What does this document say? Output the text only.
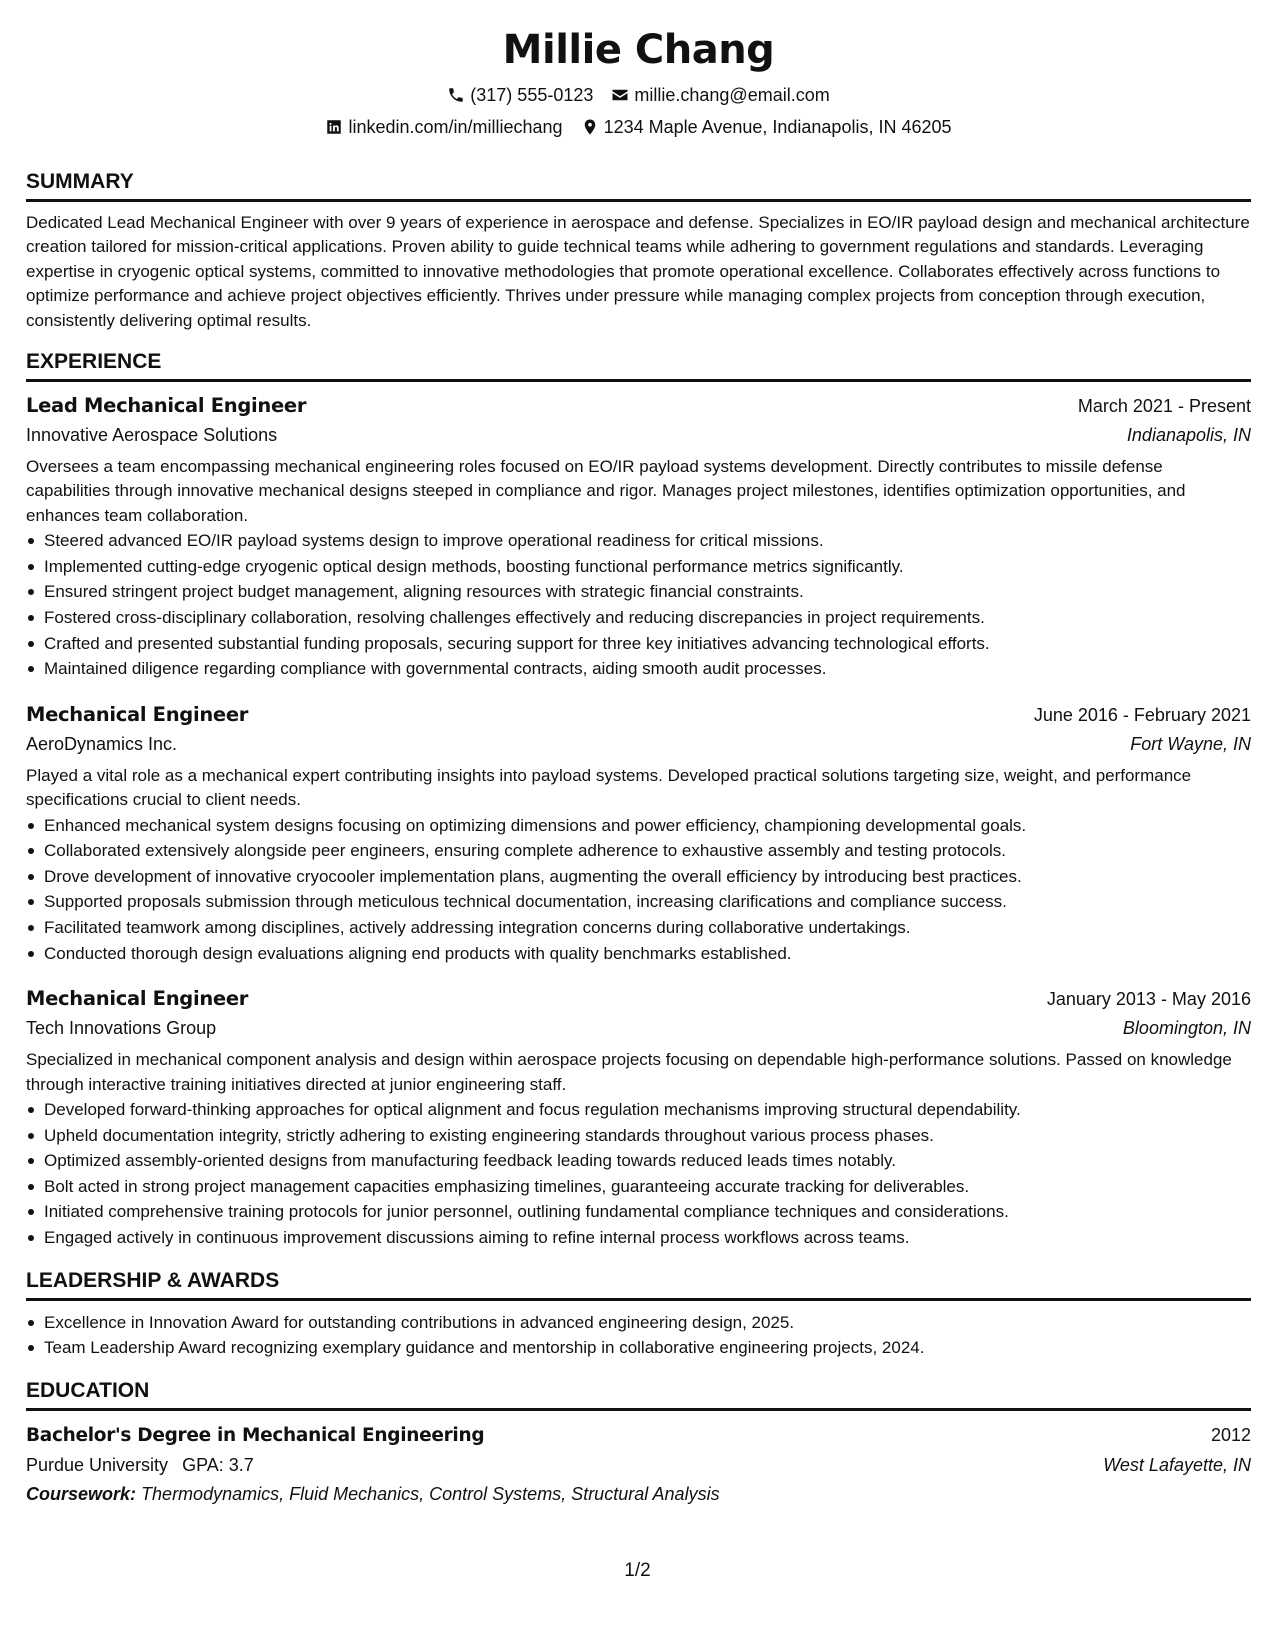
Millie Chang
(317) 555-0123 millie.chang@email.com
linkedin.com/in/milliechang 1234 Maple Avenue, Indianapolis, IN 46205
SUMMARY

Dedicated Lead Mechanical Engineer with over 9 years of experience in aerospace and defense. Specializes in EO/IR payload design and mechanical architecture creation tailored for mission-critical applications. Proven ability to guide technical teams while adhering to government regulations and standards. Leveraging expertise in cryogenic optical systems, committed to innovative methodologies that promote operational excellence. Collaborates effectively across functions to optimize performance and achieve project objectives efficiently. Thrives under pressure while managing complex projects from conception through execution, consistently delivering optimal results.

EXPERIENCE
Lead Mechanical Engineer	March 2021 - Present
Innovative Aerospace Solutions	Indianapolis, IN

Oversees a team encompassing mechanical engineering roles focused on EO/IR payload systems development. Directly contributes to missile defense capabilities through innovative mechanical designs steeped in compliance and rigor. Manages project milestones, identifies optimization opportunities, and enhances team collaboration.

Steered advanced EO/IR payload systems design to improve operational readiness for critical missions.
Implemented cutting-edge cryogenic optical design methods, boosting functional performance metrics significantly.
Ensured stringent project budget management, aligning resources with strategic financial constraints.
Fostered cross-disciplinary collaboration, resolving challenges effectively and reducing discrepancies in project requirements.
Crafted and presented substantial funding proposals, securing support for three key initiatives advancing technological efforts.
Maintained diligence regarding compliance with governmental contracts, aiding smooth audit processes.
Mechanical Engineer	June 2016 - February 2021
AeroDynamics Inc.	Fort Wayne, IN

Played a vital role as a mechanical expert contributing insights into payload systems. Developed practical solutions targeting size, weight, and performance specifications crucial to client needs.

Enhanced mechanical system designs focusing on optimizing dimensions and power efficiency, championing developmental goals.
Collaborated extensively alongside peer engineers, ensuring complete adherence to exhaustive assembly and testing protocols.
Drove development of innovative cryocooler implementation plans, augmenting the overall efficiency by introducing best practices.
Supported proposals submission through meticulous technical documentation, increasing clarifications and compliance success.
Facilitated teamwork among disciplines, actively addressing integration concerns during collaborative undertakings.
Conducted thorough design evaluations aligning end products with quality benchmarks established.
Mechanical Engineer	January 2013 - May 2016
Tech Innovations Group	Bloomington, IN

Specialized in mechanical component analysis and design within aerospace projects focusing on dependable high-performance solutions. Passed on knowledge through interactive training initiatives directed at junior engineering staff.

Developed forward-thinking approaches for optical alignment and focus regulation mechanisms improving structural dependability.
Upheld documentation integrity, strictly adhering to existing engineering standards throughout various process phases.
Optimized assembly-oriented designs from manufacturing feedback leading towards reduced leads times notably.
Bolt acted in strong project management capacities emphasizing timelines, guaranteeing accurate tracking for deliverables.
Initiated comprehensive training protocols for junior personnel, outlining fundamental compliance techniques and considerations.
Engaged actively in continuous improvement discussions aiming to refine internal process workflows across teams.
LEADERSHIP & AWARDS
Excellence in Innovation Award for outstanding contributions in advanced engineering design, 2025.
Team Leadership Award recognizing exemplary guidance and mentorship in collaborative engineering projects, 2024.
EDUCATION
Bachelor's Degree in Mechanical Engineering	2012
Purdue University GPA: 3.7	West Lafayette, IN
Coursework: Thermodynamics, Fluid Mechanics, Control Systems, Structural Analysis
1/2
